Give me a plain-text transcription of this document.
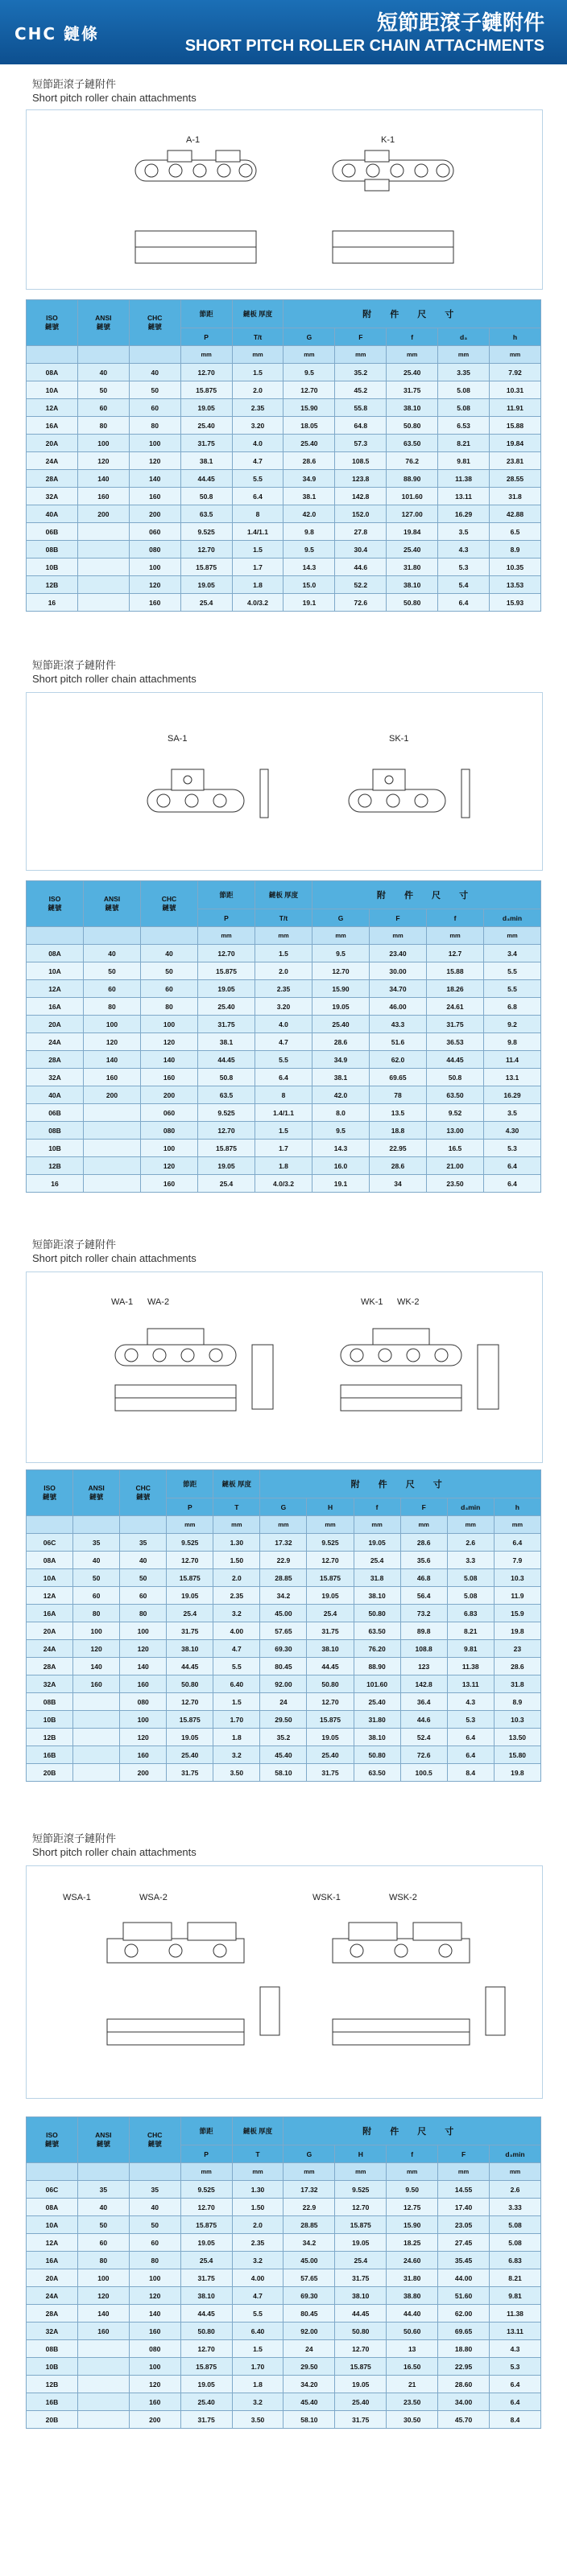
CHC 鏈條	短節距滾子鏈附件
SHORT PITCH ROLLER CHAIN ATTACHMENTS
短節距滾子鏈附件
Short pitch roller chain attachments
A-1	K-1
ISO
鏈號	ANSI
鏈號	CHC
鏈號	節距	鏈板 厚度	附 件 尺 寸				
			P	T/t	G	F	f	d₃	h
			mm	mm	mm	mm	mm	mm	mm
08A	40	40	12.70	1.5	9.5	35.2	25.40	3.35	7.92
10A	50	50	15.875	2.0	12.70	45.2	31.75	5.08	10.31
12A	60	60	19.05	2.35	15.90	55.8	38.10	5.08	11.91
16A	80	80	25.40	3.20	18.05	64.8	50.80	6.53	15.88
20A	100	100	31.75	4.0	25.40	57.3	63.50	8.21	19.84
24A	120	120	38.1	4.7	28.6	108.5	76.2	9.81	23.81
28A	140	140	44.45	5.5	34.9	123.8	88.90	11.38	28.55
32A	160	160	50.8	6.4	38.1	142.8	101.60	13.11	31.8
40A	200	200	63.5	8	42.0	152.0	127.00	16.29	42.88
06B		060	9.525	1.4/1.1	9.8	27.8	19.84	3.5	6.5
08B		080	12.70	1.5	9.5	30.4	25.40	4.3	8.9
10B		100	15.875	1.7	14.3	44.6	31.80	5.3	10.35
12B		120	19.05	1.8	15.0	52.2	38.10	5.4	13.53
16		160	25.4	4.0/3.2	19.1	72.6	50.80	6.4	15.93
短節距滾子鏈附件
Short pitch roller chain attachments
SA-1	SK-1
ISO
鏈號	ANSI
鏈號	CHC
鏈號	節距	鏈板 厚度	附 件 尺 寸			
			P	T/t	G	F	f	d₃min
			mm	mm	mm	mm	mm	mm
08A	40	40	12.70	1.5	9.5	23.40	12.7	3.4
10A	50	50	15.875	2.0	12.70	30.00	15.88	5.5
12A	60	60	19.05	2.35	15.90	34.70	18.26	5.5
16A	80	80	25.40	3.20	19.05	46.00	24.61	6.8
20A	100	100	31.75	4.0	25.40	43.3	31.75	9.2
24A	120	120	38.1	4.7	28.6	51.6	36.53	9.8
28A	140	140	44.45	5.5	34.9	62.0	44.45	11.4
32A	160	160	50.8	6.4	38.1	69.65	50.8	13.1
40A	200	200	63.5	8	42.0	78	63.50	16.29
06B		060	9.525	1.4/1.1	8.0	13.5	9.52	3.5
08B		080	12.70	1.5	9.5	18.8	13.00	4.30
10B		100	15.875	1.7	14.3	22.95	16.5	5.3
12B		120	19.05	1.8	16.0	28.6	21.00	6.4
16		160	25.4	4.0/3.2	19.1	34	23.50	6.4
短節距滾子鏈附件
Short pitch roller chain attachments
WA-1 WA-2	WK-1 WK-2
ISO
鏈號	ANSI
鏈號	CHC
鏈號	節距	鏈板 厚度	附 件 尺 寸					
			P	T	G	H	f	F	d₃min	h
			mm	mm	mm	mm	mm	mm	mm	mm
06C	35	35	9.525	1.30	17.32	9.525	19.05	28.6	2.6	6.4
08A	40	40	12.70	1.50	22.9	12.70	25.4	35.6	3.3	7.9
10A	50	50	15.875	2.0	28.85	15.875	31.8	46.8	5.08	10.3
12A	60	60	19.05	2.35	34.2	19.05	38.10	56.4	5.08	11.9
16A	80	80	25.4	3.2	45.00	25.4	50.80	73.2	6.83	15.9
20A	100	100	31.75	4.00	57.65	31.75	63.50	89.8	8.21	19.8
24A	120	120	38.10	4.7	69.30	38.10	76.20	108.8	9.81	23
28A	140	140	44.45	5.5	80.45	44.45	88.90	123	11.38	28.6
32A	160	160	50.80	6.40	92.00	50.80	101.60	142.8	13.11	31.8
08B		080	12.70	1.5	24	12.70	25.40	36.4	4.3	8.9
10B		100	15.875	1.70	29.50	15.875	31.80	44.6	5.3	10.3
12B		120	19.05	1.8	35.2	19.05	38.10	52.4	6.4	13.50
16B		160	25.40	3.2	45.40	25.40	50.80	72.6	6.4	15.80
20B		200	31.75	3.50	58.10	31.75	63.50	100.5	8.4	19.8
短節距滾子鏈附件
Short pitch roller chain attachments
WSA-1	WSA-2	WSK-1	WSK-2
ISO
鏈號	ANSI
鏈號	CHC
鏈號	節距	鏈板 厚度	附 件 尺 寸				
			P	T	G	H	f	F	d₃min
			mm	mm	mm	mm	mm	mm	mm
06C	35	35	9.525	1.30	17.32	9.525	9.50	14.55	2.6
08A	40	40	12.70	1.50	22.9	12.70	12.75	17.40	3.33
10A	50	50	15.875	2.0	28.85	15.875	15.90	23.05	5.08
12A	60	60	19.05	2.35	34.2	19.05	18.25	27.45	5.08
16A	80	80	25.4	3.2	45.00	25.4	24.60	35.45	6.83
20A	100	100	31.75	4.00	57.65	31.75	31.80	44.00	8.21
24A	120	120	38.10	4.7	69.30	38.10	38.80	51.60	9.81
28A	140	140	44.45	5.5	80.45	44.45	44.40	62.00	11.38
32A	160	160	50.80	6.40	92.00	50.80	50.60	69.65	13.11
08B		080	12.70	1.5	24	12.70	13	18.80	4.3
10B		100	15.875	1.70	29.50	15.875	16.50	22.95	5.3
12B		120	19.05	1.8	34.20	19.05	21	28.60	6.4
16B		160	25.40	3.2	45.40	25.40	23.50	34.00	6.4
20B		200	31.75	3.50	58.10	31.75	30.50	45.70	8.4
